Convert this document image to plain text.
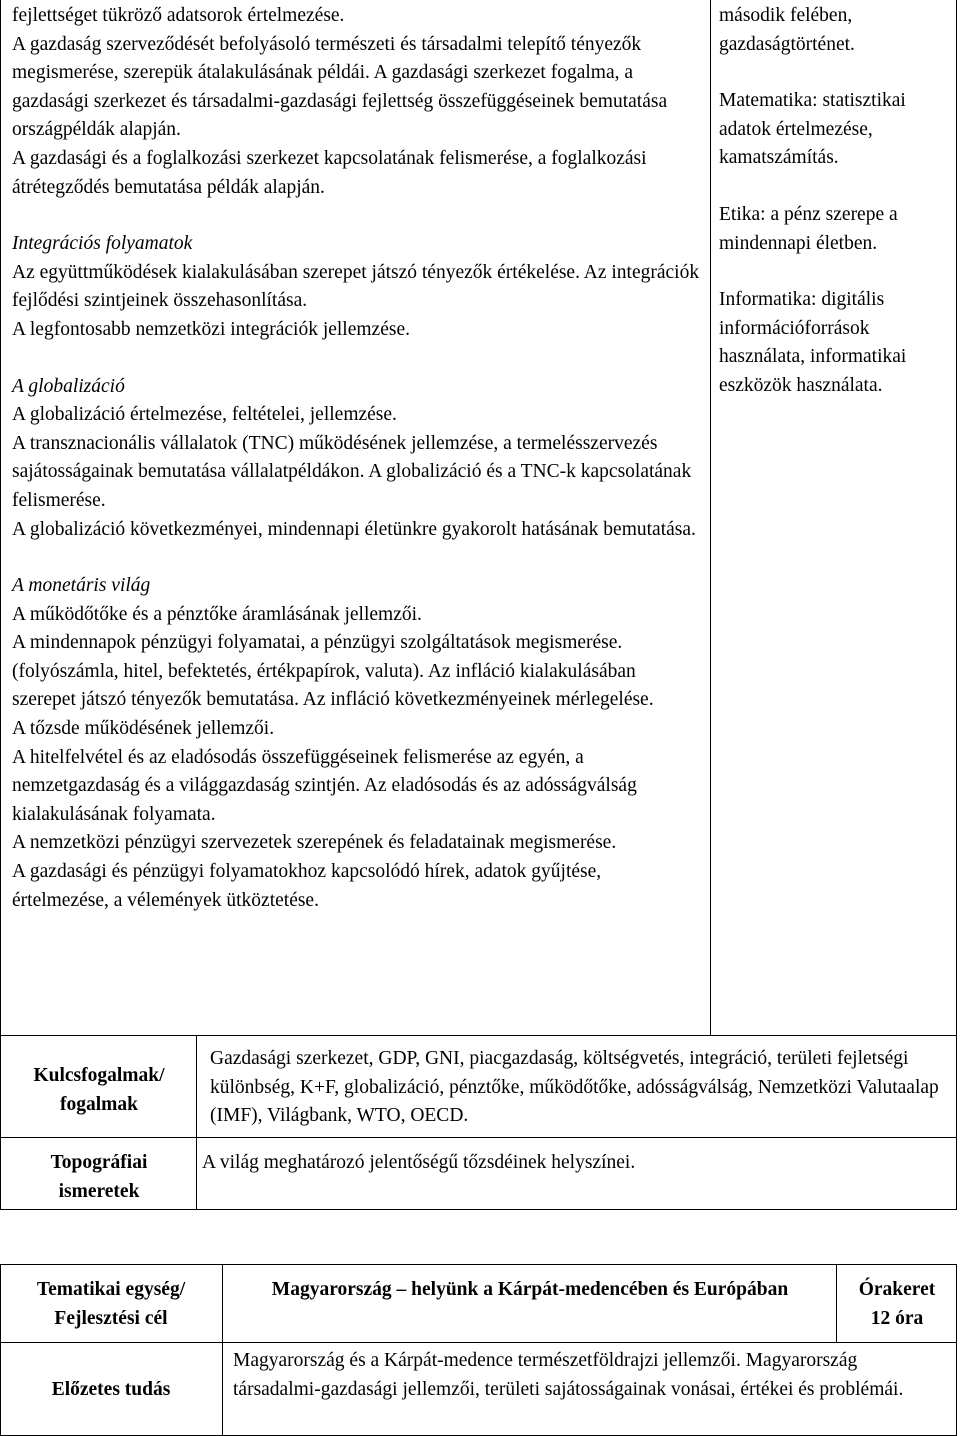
fejlettséget tükröző adatsorok értelmezése.

A gazdaság szerveződését befolyásoló természeti és társadalmi telepítő tényezők megismerése, szerepük átalakulásának példái. A gazdasági szerkezet fogalma, a gazdasági szerkezet és társadalmi-gazdasági fejlettség összefüggéseinek bemutatása országpéldák alapján.

A gazdasági és a foglalkozási szerkezet kapcsolatának felismerése, a foglalkozási átrétegződés bemutatása példák alapján.

Integrációs folyamatok

Az együttműködések kialakulásában szerepet játszó tényezők értékelése. Az integrációk fejlődési szintjeinek összehasonlítása.

A legfontosabb nemzetközi integrációk jellemzése.

A globalizáció

A globalizáció értelmezése, feltételei, jellemzése.

A transznacionális vállalatok (TNC) működésének jellemzése, a termelésszervezés sajátosságainak bemutatása vállalatpéldákon. A globalizáció és a TNC-k kapcsolatának felismerése.

A globalizáció következményei, mindennapi életünkre gyakorolt hatásának bemutatása.

A monetáris világ

A működőtőke és a pénztőke áramlásának jellemzői.

A mindennapok pénzügyi folyamatai, a pénzügyi szolgáltatások megismerése. (folyószámla, hitel, befektetés, értékpapírok, valuta). Az infláció kialakulásában szerepet játszó tényezők bemutatása. Az infláció következményeinek mérlegelése.

A tőzsde működésének jellemzői.

A hitelfelvétel és az eladósodás összefüggéseinek felismerése az egyén, a nemzetgazdaság és a világgazdaság szintjén. Az eladósodás és az adósságválság kialakulásának folyamata.

A nemzetközi pénzügyi szervezetek szerepének és feladatainak megismerése.

A gazdasági és pénzügyi folyamatokhoz kapcsolódó hírek, adatok gyűjtése, értelmezése, a vélemények ütköztetése.

második felében, gazdaságtörténet.

Matematika: statisztikai adatok értelmezése, kamatszámítás.

Etika: a pénz szerepe a mindennapi életben.

Informatika: digitális információforrások használata, informatikai eszközök használata.

Kulcsfogalmak/ fogalmak
Gazdasági szerkezet, GDP, GNI, piacgazdaság, költségvetés, integráció, területi fejletségi különbség, K+F, globalizáció, pénztőke, működőtőke, adósságválság, Nemzetközi Valutaalap (IMF), Világbank, WTO, OECD.
Topográfiai ismeretek
A világ meghatározó jelentőségű tőzsdéinek helyszínei.
Tematikai egység/ Fejlesztési cél
Magyarország – helyünk a Kárpát-medencében és Európában	Órakeret
12 óra
Előzetes tudás
Magyarország és a Kárpát-medence természetföldrajzi jellemzői. Magyarország társadalmi-gazdasági jellemzői, területi sajátosságainak vonásai, értékei és problémái.
